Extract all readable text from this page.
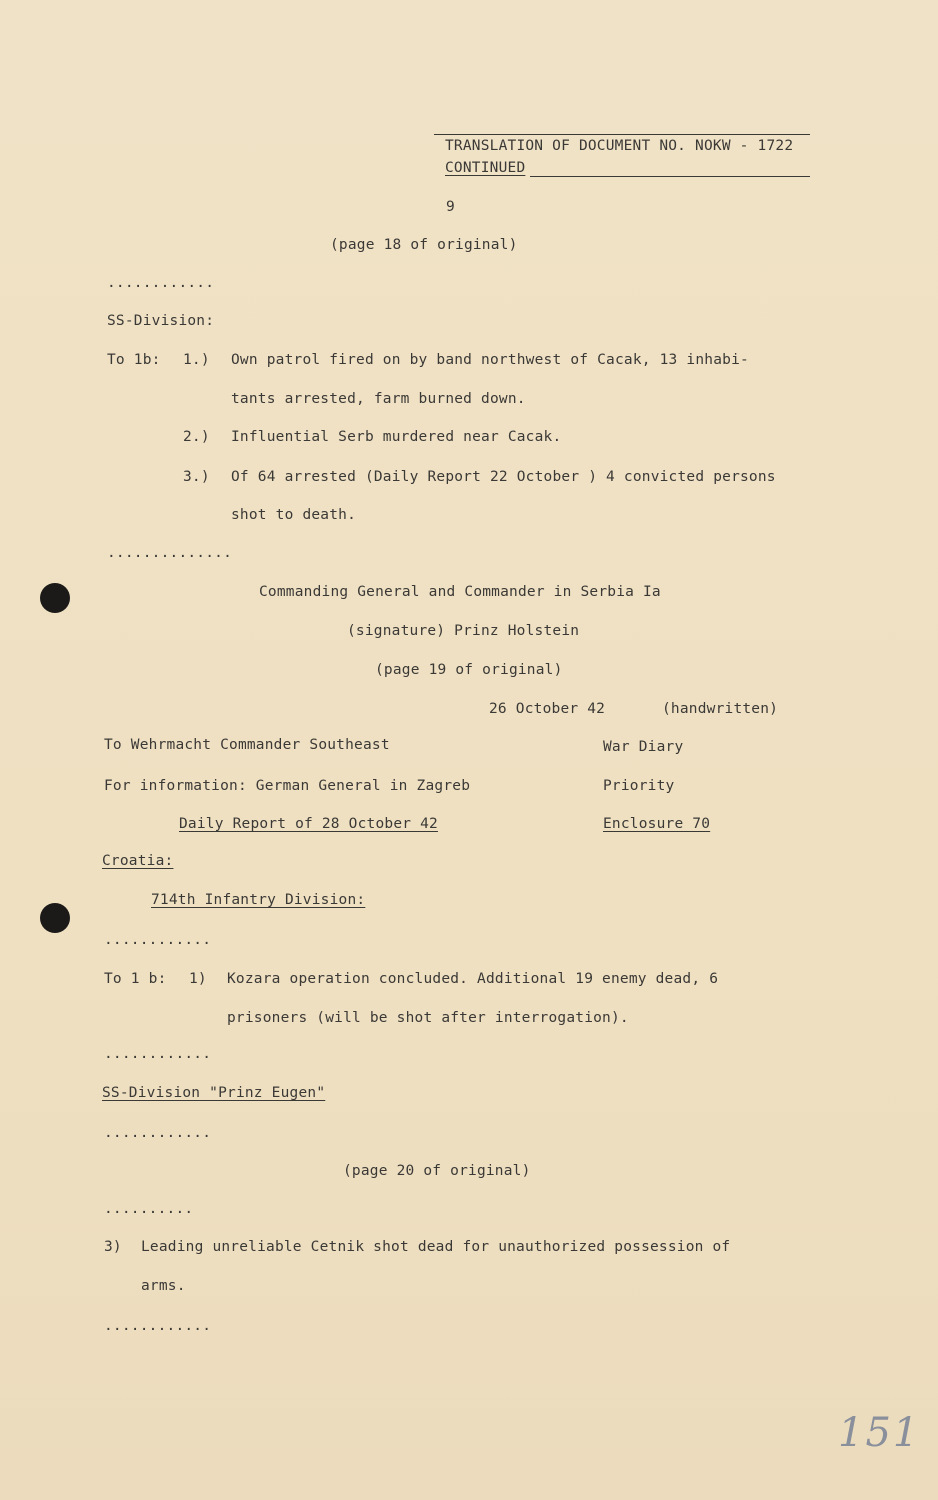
TRANSLATION OF DOCUMENT NO. NOKW - 1722
CONTINUED
9
(page 18 of original)
............
SS-Division:
To 1b: 1.) Own patrol fired on by band northwest of Cacak, 13 inhabi-
tants arrested, farm burned down.
2.) Influential Serb murdered near Cacak.
3.) Of 64 arrested (Daily Report 22 October ) 4 convicted persons
shot to death.
..............
Commanding General and Commander in Serbia Ia
(signature) Prinz Holstein
(page 19 of original)
26 October 42	(handwritten)
To Wehrmacht Commander Southeast	War Diary
For information: German General in Zagreb	Priority
Daily Report of 28 October 42	Enclosure 70
Croatia:
714th Infantry Division:
............
To 1 b: 1) Kozara operation concluded. Additional 19 enemy dead, 6
prisoners (will be shot after interrogation).
............
SS-Division "Prinz Eugen"
............
(page 20 of original)
..........
3) Leading unreliable Cetnik shot dead for unauthorized possession of
arms.
............
151
